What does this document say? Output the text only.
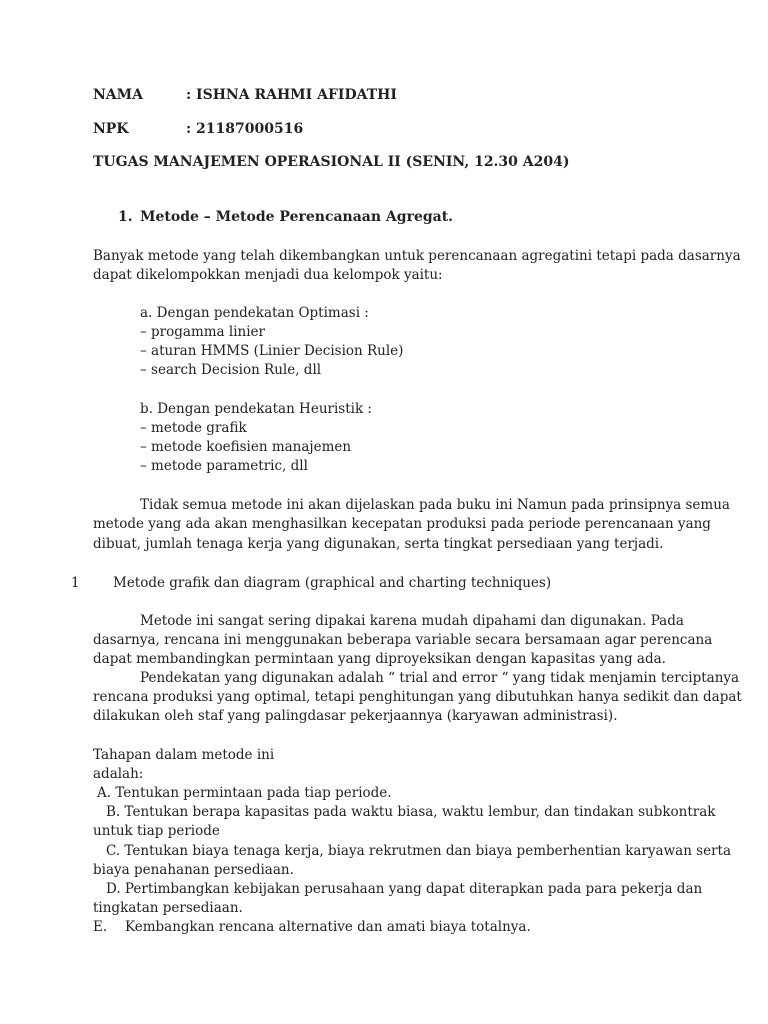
NAMA	: ISHNA RAHMI AFIDATHI
NPK	: 21187000516
TUGAS MANAJEMEN OPERASIONAL II (SENIN, 12.30 A204)
1. Metode – Metode Perencanaan Agregat.
Banyak metode yang telah dikembangkan untuk perencanaan agregatini tetapi pada dasarnya
dapat dikelompokkan menjadi dua kelompok yaitu:
a. Dengan pendekatan Optimasi :
– progamma linier
– aturan HMMS (Linier Decision Rule)
– search Decision Rule, dll
b. Dengan pendekatan Heuristik :
– metode grafik
– metode koefisien manajemen
– metode parametric, dll
Tidak semua metode ini akan dijelaskan pada buku ini Namun pada prinsipnya semua
metode yang ada akan menghasilkan kecepatan produksi pada periode perencanaan yang
dibuat, jumlah tenaga kerja yang digunakan, serta tingkat persediaan yang terjadi.
1 Metode grafik dan diagram (graphical and charting techniques)
Metode ini sangat sering dipakai karena mudah dipahami dan digunakan. Pada
dasarnya, rencana ini menggunakan beberapa variable secara bersamaan agar perencana
dapat membandingkan permintaan yang diproyeksikan dengan kapasitas yang ada.
Pendekatan yang digunakan adalah “ trial and error “ yang tidak menjamin terciptanya
rencana produksi yang optimal, tetapi penghitungan yang dibutuhkan hanya sedikit dan dapat
dilakukan oleh staf yang palingdasar pekerjaannya (karyawan administrasi).
Tahapan dalam metode ini
adalah:
A. Tentukan permintaan pada tiap periode.
B. Tentukan berapa kapasitas pada waktu biasa, waktu lembur, dan tindakan subkontrak
untuk tiap periode
C. Tentukan biaya tenaga kerja, biaya rekrutmen dan biaya pemberhentian karyawan serta
biaya penahanan persediaan.
D. Pertimbangkan kebijakan perusahaan yang dapat diterapkan pada para pekerja dan
tingkatan persediaan.
E. Kembangkan rencana alternative dan amati biaya totalnya.
